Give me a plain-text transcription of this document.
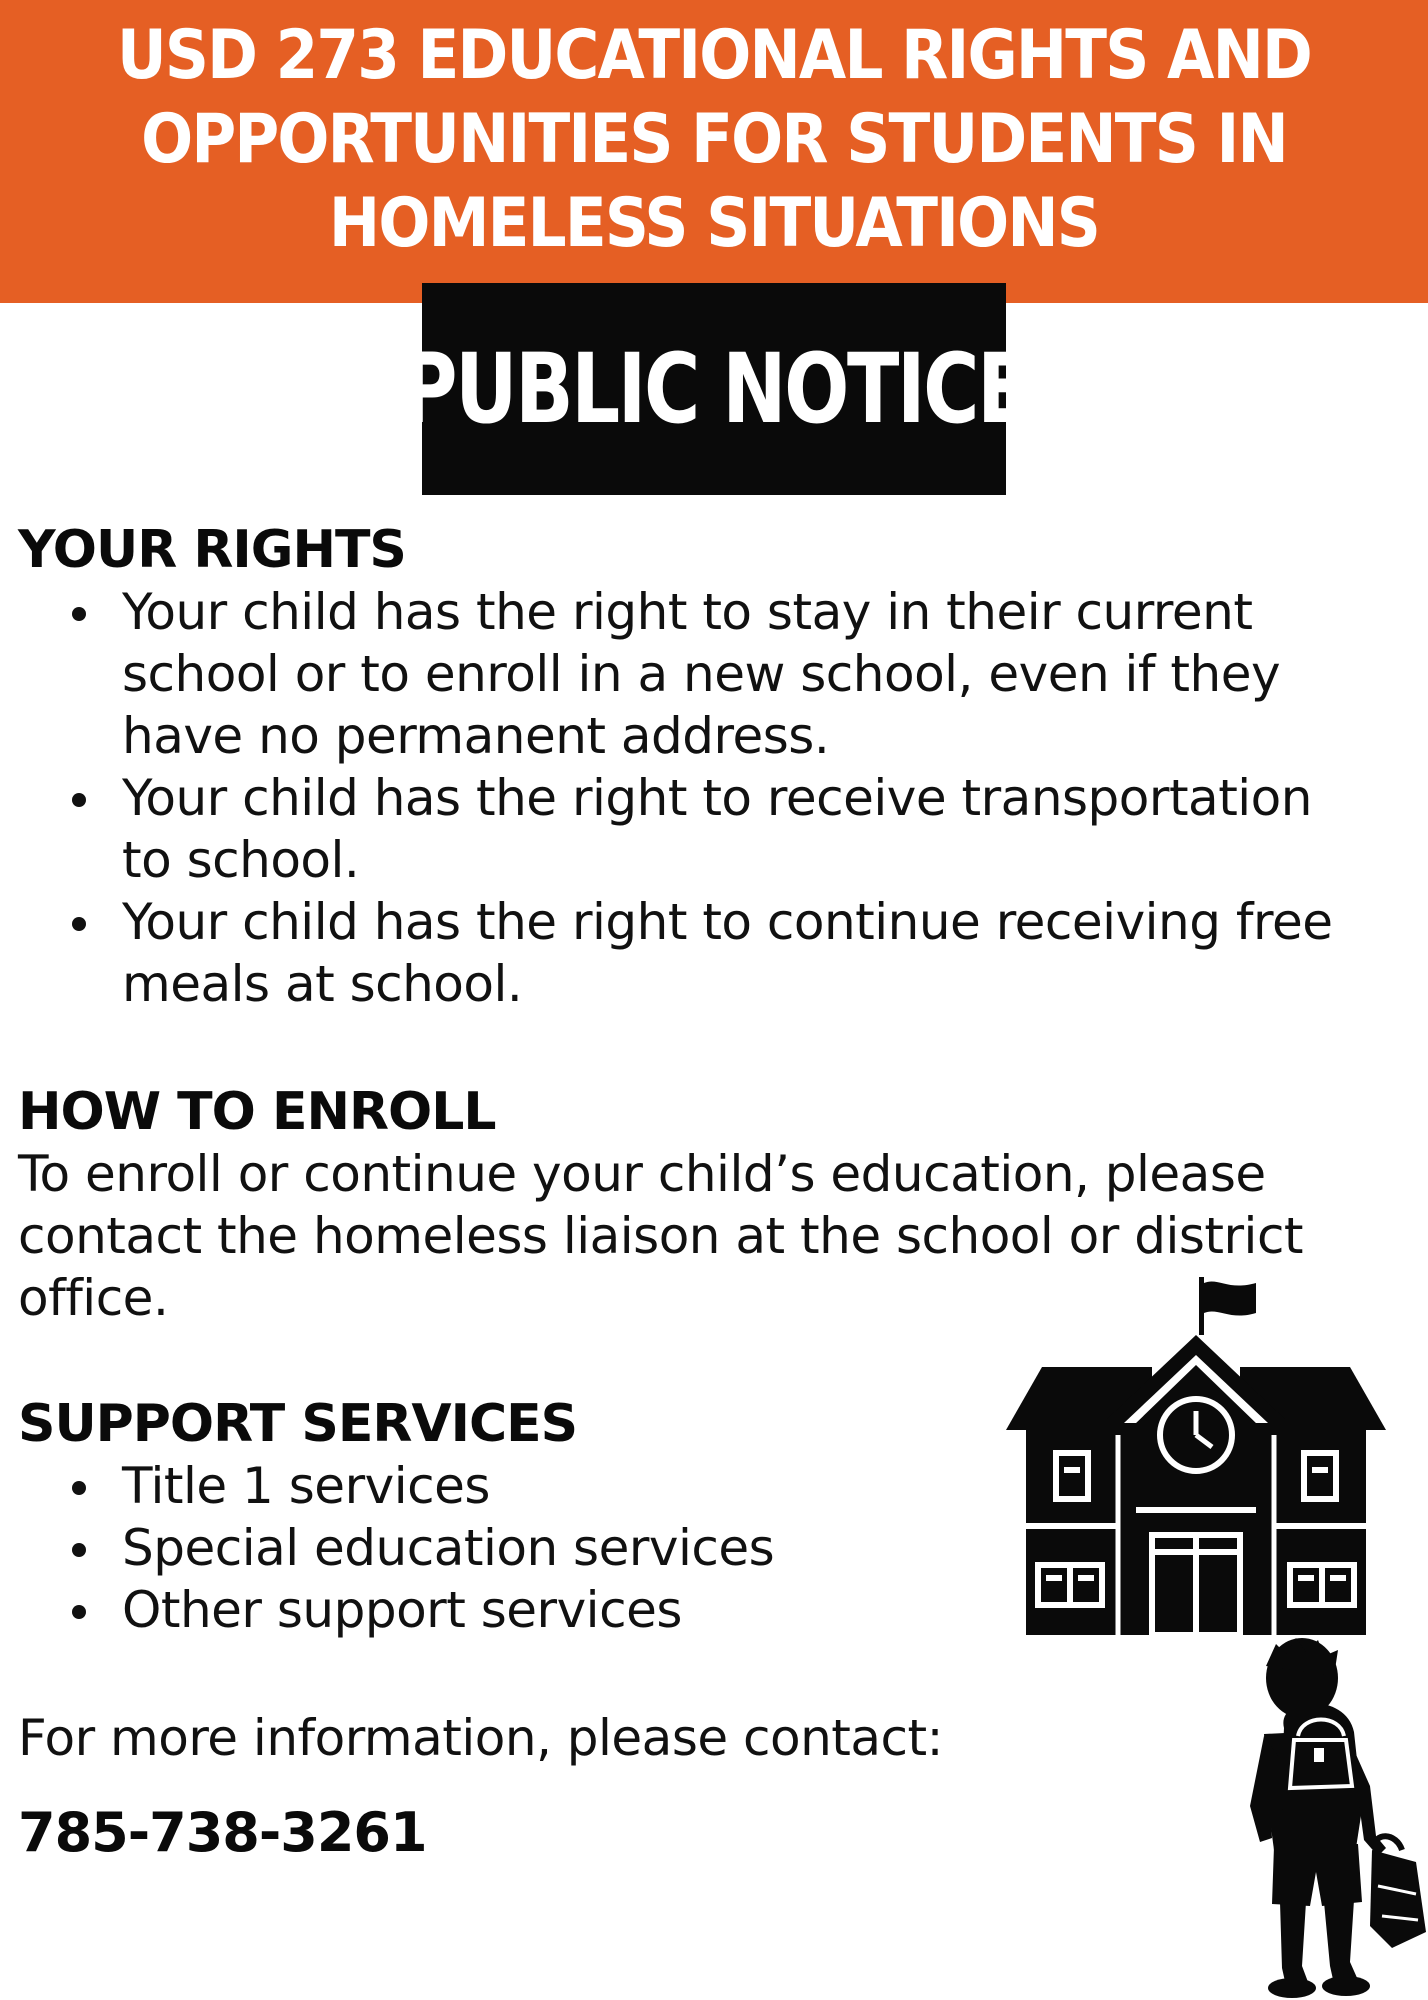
USD 273 EDUCATIONAL RIGHTS AND
OPPORTUNITIES FOR STUDENTS IN
HOMELESS SITUATIONS
PUBLIC NOTICE
YOUR RIGHTS
Your child has the right to stay in their current
school or to enroll in a new school, even if they
have no permanent address.
Your child has the right to receive transportation
to school.
Your child has the right to continue receiving free
meals at school.
HOW TO ENROLL

To enroll or continue your child’s education, please
contact the homeless liaison at the school or district
office.

SUPPORT SERVICES
Title 1 services
Special education services
Other support services

For more information, please contact:

785-738-3261
